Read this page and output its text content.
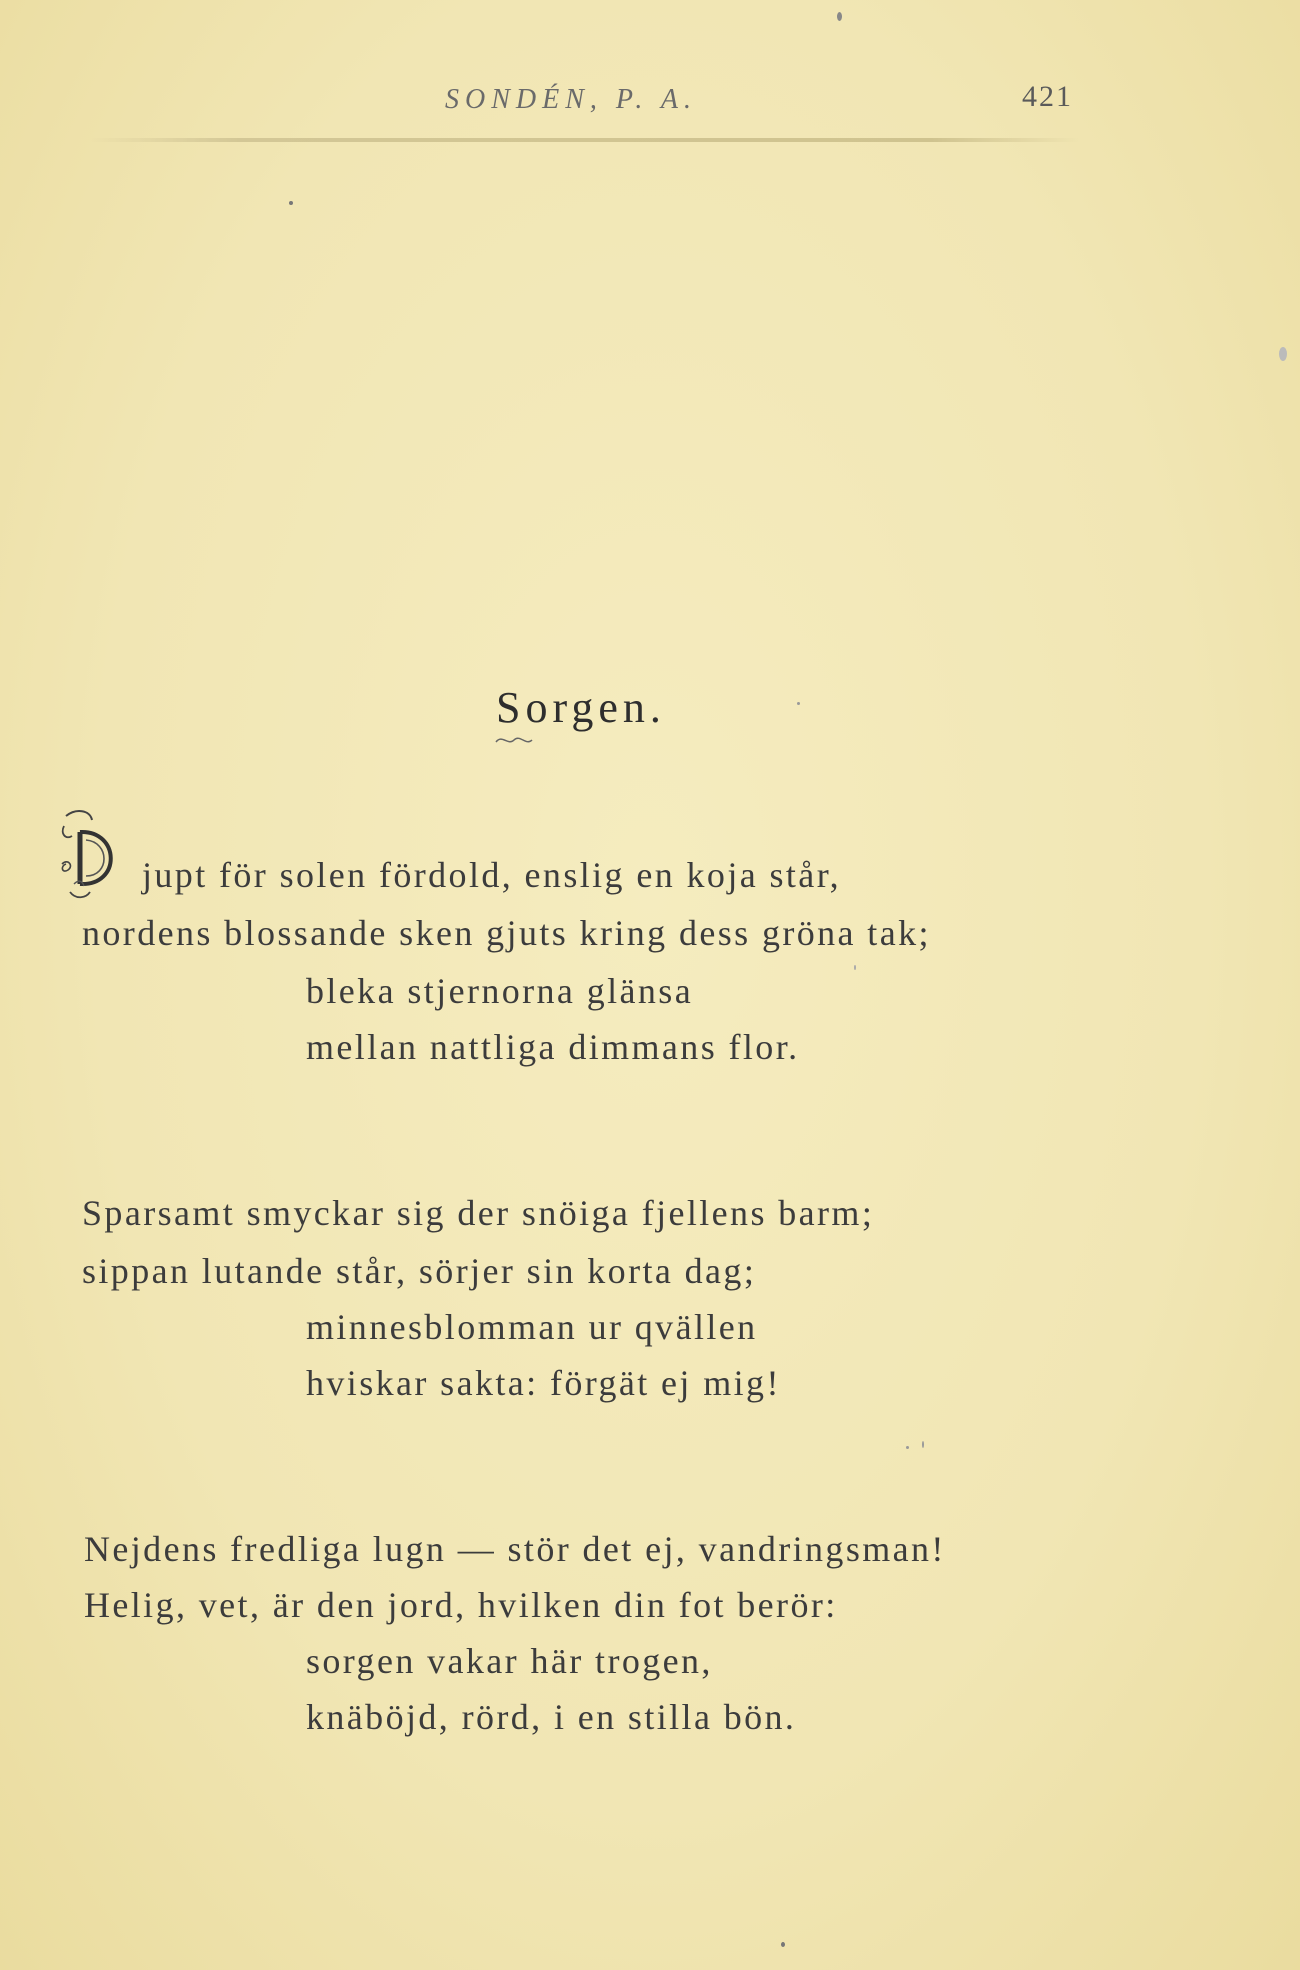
SONDÉN, P. A.	421
Sorgen.
jupt för solen fördold, enslig en koja står,
nordens blossande sken gjuts kring dess gröna tak;
bleka stjernorna glänsa
mellan nattliga dimmans flor.
Sparsamt smyckar sig der snöiga fjellens barm;
sippan lutande står, sörjer sin korta dag;
minnesblomman ur qvällen
hviskar sakta: förgät ej mig!
Nejdens fredliga lugn — stör det ej, vandringsman!
Helig, vet, är den jord, hvilken din fot berör:
sorgen vakar här trogen,
knäböjd, rörd, i en stilla bön.
